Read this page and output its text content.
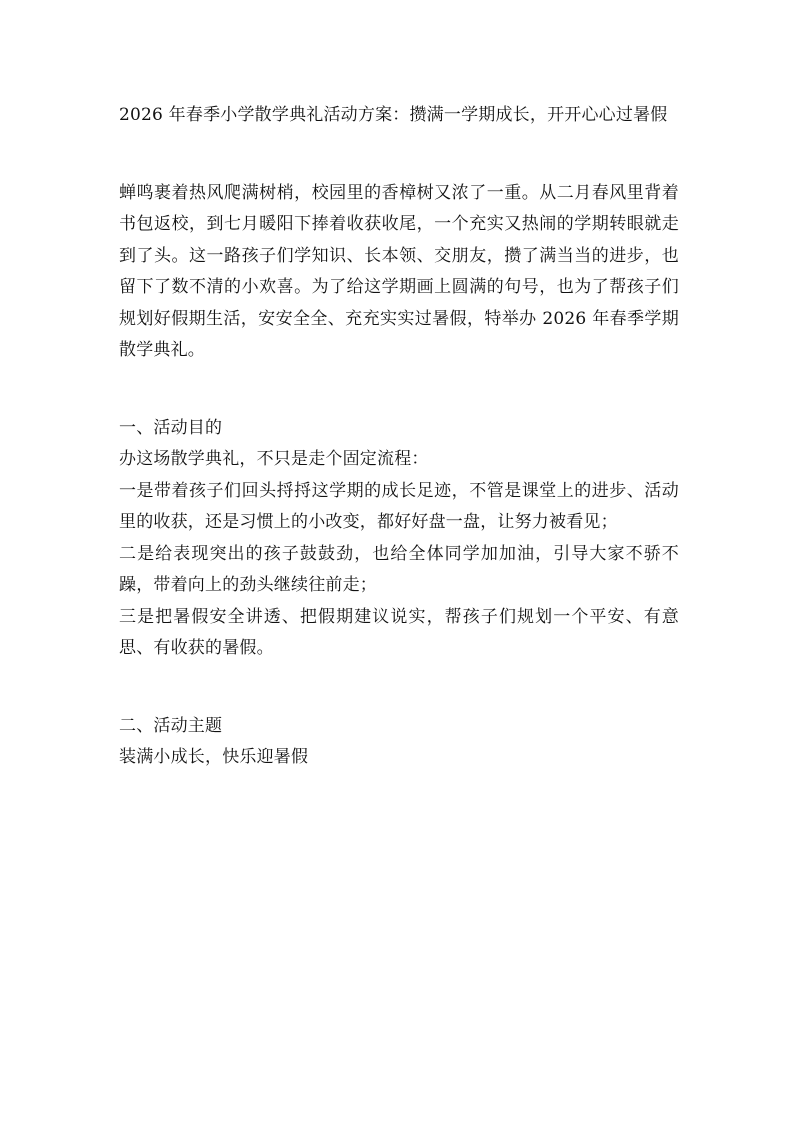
2026 年春季小学散学典礼活动方案：攒满一学期成长，开开心心过暑假

蝉鸣裹着热风爬满树梢，校园里的香樟树又浓了一重。从二月春风里背着书包返校，到七月暖阳下捧着收获收尾，一个充实又热闹的学期转眼就走到了头。这一路孩子们学知识、长本领、交朋友，攒了满当当的进步，也留下了数不清的小欢喜。为了给这学期画上圆满的句号，也为了帮孩子们规划好假期生活，安安全全、充充实实过暑假，特举办 2026 年春季学期散学典礼。

一、活动目的

办这场散学典礼，不只是走个固定流程：

一是带着孩子们回头捋捋这学期的成长足迹，不管是课堂上的进步、活动里的收获，还是习惯上的小改变，都好好盘一盘，让努力被看见；

二是给表现突出的孩子鼓鼓劲，也给全体同学加加油，引导大家不骄不躁，带着向上的劲头继续往前走；

三是把暑假安全讲透、把假期建议说实，帮孩子们规划一个平安、有意思、有收获的暑假。

二、活动主题

装满小成长，快乐迎暑假
